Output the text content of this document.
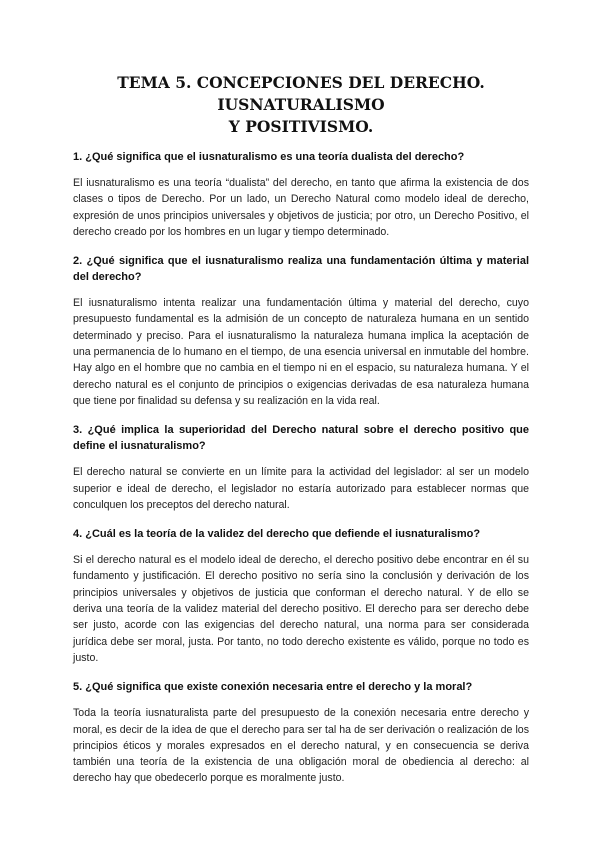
TEMA 5. CONCEPCIONES DEL DERECHO. IUSNATURALISMO
Y POSITIVISMO.
1. ¿Qué significa que el iusnaturalismo es una teoría dualista del derecho?

El iusnaturalismo es una teoría “dualista” del derecho, en tanto que afirma la existencia de dos clases o tipos de Derecho. Por un lado, un Derecho Natural como modelo ideal de derecho, expresión de unos principios universales y objetivos de justicia; por otro, un Derecho Positivo, el derecho creado por los hombres en un lugar y tiempo determinado.

2. ¿Qué significa que el iusnaturalismo realiza una fundamentación última y material del derecho?

El iusnaturalismo intenta realizar una fundamentación última y material del derecho, cuyo presupuesto fundamental es la admisión de un concepto de naturaleza humana en un sentido determinado y preciso. Para el iusnaturalismo la naturaleza humana implica la aceptación de una permanencia de lo humano en el tiempo, de una esencia universal en inmutable del hombre. Hay algo en el hombre que no cambia en el tiempo ni en el espacio, su naturaleza humana. Y el derecho natural es el conjunto de principios o exigencias derivadas de esa naturaleza humana que tiene por finalidad su defensa y su realización en la vida real.

3. ¿Qué implica la superioridad del Derecho natural sobre el derecho positivo que define el iusnaturalismo?

El derecho natural se convierte en un límite para la actividad del legislador: al ser un modelo superior e ideal de derecho, el legislador no estaría autorizado para establecer normas que conculquen los preceptos del derecho natural.

4. ¿Cuál es la teoría de la validez del derecho que defiende el iusnaturalismo?

Si el derecho natural es el modelo ideal de derecho, el derecho positivo debe encontrar en él su fundamento y justificación. El derecho positivo no sería sino la conclusión y derivación de los principios universales y objetivos de justicia que conforman el derecho natural. Y de ello se deriva una teoría de la validez material del derecho positivo. El derecho para ser derecho debe ser justo, acorde con las exigencias del derecho natural, una norma para ser considerada jurídica debe ser moral, justa. Por tanto, no todo derecho existente es válido, porque no todo es justo.

5. ¿Qué significa que existe conexión necesaria entre el derecho y la moral?

Toda la teoría iusnaturalista parte del presupuesto de la conexión necesaria entre derecho y moral, es decir de la idea de que el derecho para ser tal ha de ser derivación o realización de los principios éticos y morales expresados en el derecho natural, y en consecuencia se deriva también una teoría de la existencia de una obligación moral de obediencia al derecho: al derecho hay que obedecerlo porque es moralmente justo.
